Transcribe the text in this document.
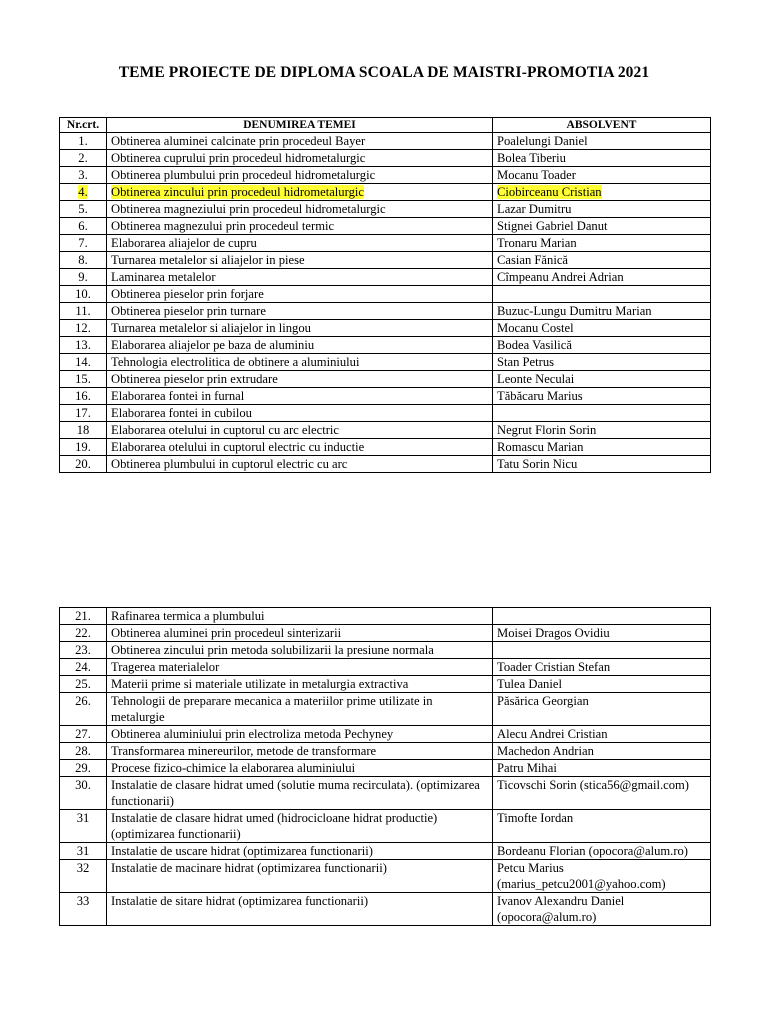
TEME PROIECTE DE DIPLOMA SCOALA DE MAISTRI-PROMOTIA 2021
Nr.crt.	DENUMIREA TEMEI	ABSOLVENT
1.	Obtinerea aluminei calcinate prin procedeul Bayer	Poalelungi Daniel
2.	Obtinerea cuprului prin procedeul hidrometalurgic	Bolea Tiberiu
3.	Obtinerea plumbului prin procedeul hidrometalurgic	Mocanu Toader
4.	Obtinerea zincului prin procedeul hidrometalurgic	Ciobirceanu Cristian
5.	Obtinerea magneziului prin procedeul hidrometalurgic	Lazar Dumitru
6.	Obtinerea magnezului prin procedeul termic	Stignei Gabriel Danut
7.	Elaborarea aliajelor de cupru	Tronaru Marian
8.	Turnarea metalelor si aliajelor in piese	Casian Fănică
9.	Laminarea metalelor	Cîmpeanu Andrei Adrian
10.	Obtinerea pieselor prin forjare	
11.	Obtinerea pieselor prin turnare	Buzuc-Lungu Dumitru Marian
12.	Turnarea metalelor si aliajelor in lingou	Mocanu Costel
13.	Elaborarea aliajelor pe baza de aluminiu	Bodea Vasilică
14.	Tehnologia electrolitica de obtinere a aluminiului	Stan Petrus
15.	Obtinerea pieselor prin extrudare	Leonte Neculai
16.	Elaborarea fontei in furnal	Tăbăcaru Marius
17.	Elaborarea fontei in cubilou	
18	Elaborarea otelului in cuptorul cu arc electric	Negrut Florin Sorin
19.	Elaborarea otelului in cuptorul electric cu inductie	Romascu Marian
20.	Obtinerea plumbului in cuptorul electric cu arc	Tatu Sorin Nicu
21.	Rafinarea termica a plumbului	
22.	Obtinerea aluminei prin procedeul sinterizarii	Moisei Dragos Ovidiu
23.	Obtinerea zincului prin metoda solubilizarii la presiune normala	
24.	Tragerea materialelor	Toader Cristian Stefan
25.	Materii prime si materiale utilizate in metalurgia extractiva	Tulea Daniel
26.	Tehnologii de preparare mecanica a materiilor prime utilizate in metalurgie	Păsărica Georgian
27.	Obtinerea aluminiului prin electroliza metoda Pechyney	Alecu Andrei Cristian
28.	Transformarea minereurilor, metode de transformare	Machedon Andrian
29.	Procese fizico-chimice la elaborarea aluminiului	Patru Mihai
30.	Instalatie de clasare hidrat umed (solutie muma recirculata). (optimizarea functionarii)	Ticovschi Sorin (stica56@gmail.com)
31	Instalatie de clasare hidrat umed (hidrocicloane hidrat productie) (optimizarea functionarii)	Timofte Iordan
31	Instalatie de uscare hidrat (optimizarea functionarii)	Bordeanu Florian (opocora@alum.ro)
32	Instalatie de macinare hidrat (optimizarea functionarii)	Petcu Marius (marius_petcu2001@yahoo.com)
33	Instalatie de sitare hidrat (optimizarea functionarii)	Ivanov Alexandru Daniel (opocora@alum.ro)
